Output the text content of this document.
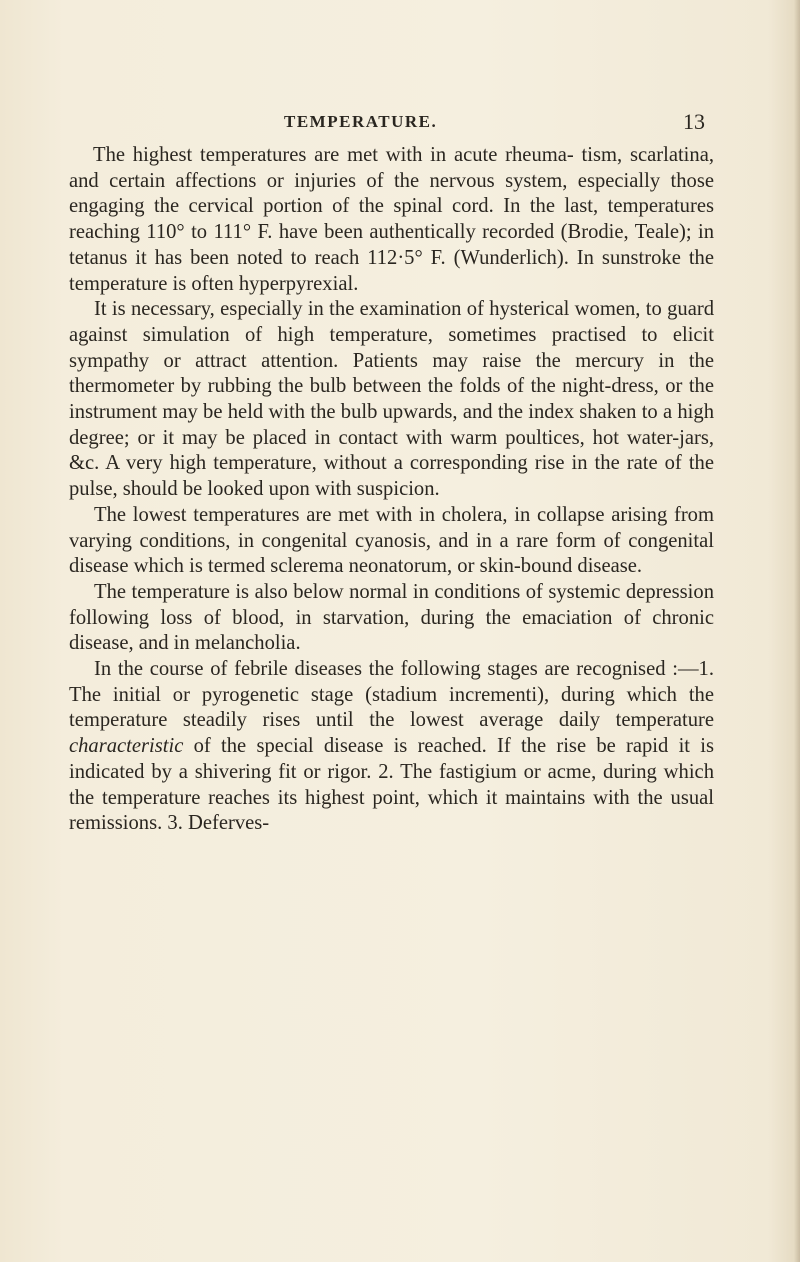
TEMPERATURE.	13

The highest temperatures are met with in acute rheuma- tism, scarlatina, and certain affections or injuries of the nervous system, especially those engaging the cervical portion of the spinal cord. In the last, temperatures reaching 110° to 111° F. have been authentically recorded (Brodie, Teale); in tetanus it has been noted to reach 112·5° F. (Wunderlich). In sunstroke the temperature is often hyperpyrexial.

It is necessary, especially in the examination of hysterical women, to guard against simulation of high temperature, sometimes practised to elicit sympathy or attract attention. Patients may raise the mercury in the thermometer by rubbing the bulb between the folds of the night-dress, or the instrument may be held with the bulb upwards, and the index shaken to a high degree; or it may be placed in contact with warm poultices, hot water-jars, &c. A very high temperature, without a corresponding rise in the rate of the pulse, should be looked upon with suspicion.

The lowest temperatures are met with in cholera, in collapse arising from varying conditions, in congenital cyanosis, and in a rare form of congenital disease which is termed sclerema neonatorum, or skin-bound disease.

The temperature is also below normal in conditions of systemic depression following loss of blood, in starvation, during the emaciation of chronic disease, and in melancholia.

In the course of febrile diseases the following stages are recognised :—1. The initial or pyrogenetic stage (stadium incrementi), during which the temperature steadily rises until the lowest average daily temperature characteristic of the special disease is reached. If the rise be rapid it is indicated by a shivering fit or rigor. 2. The fastigium or acme, during which the temperature reaches its highest point, which it maintains with the usual remissions. 3. Deferves-
